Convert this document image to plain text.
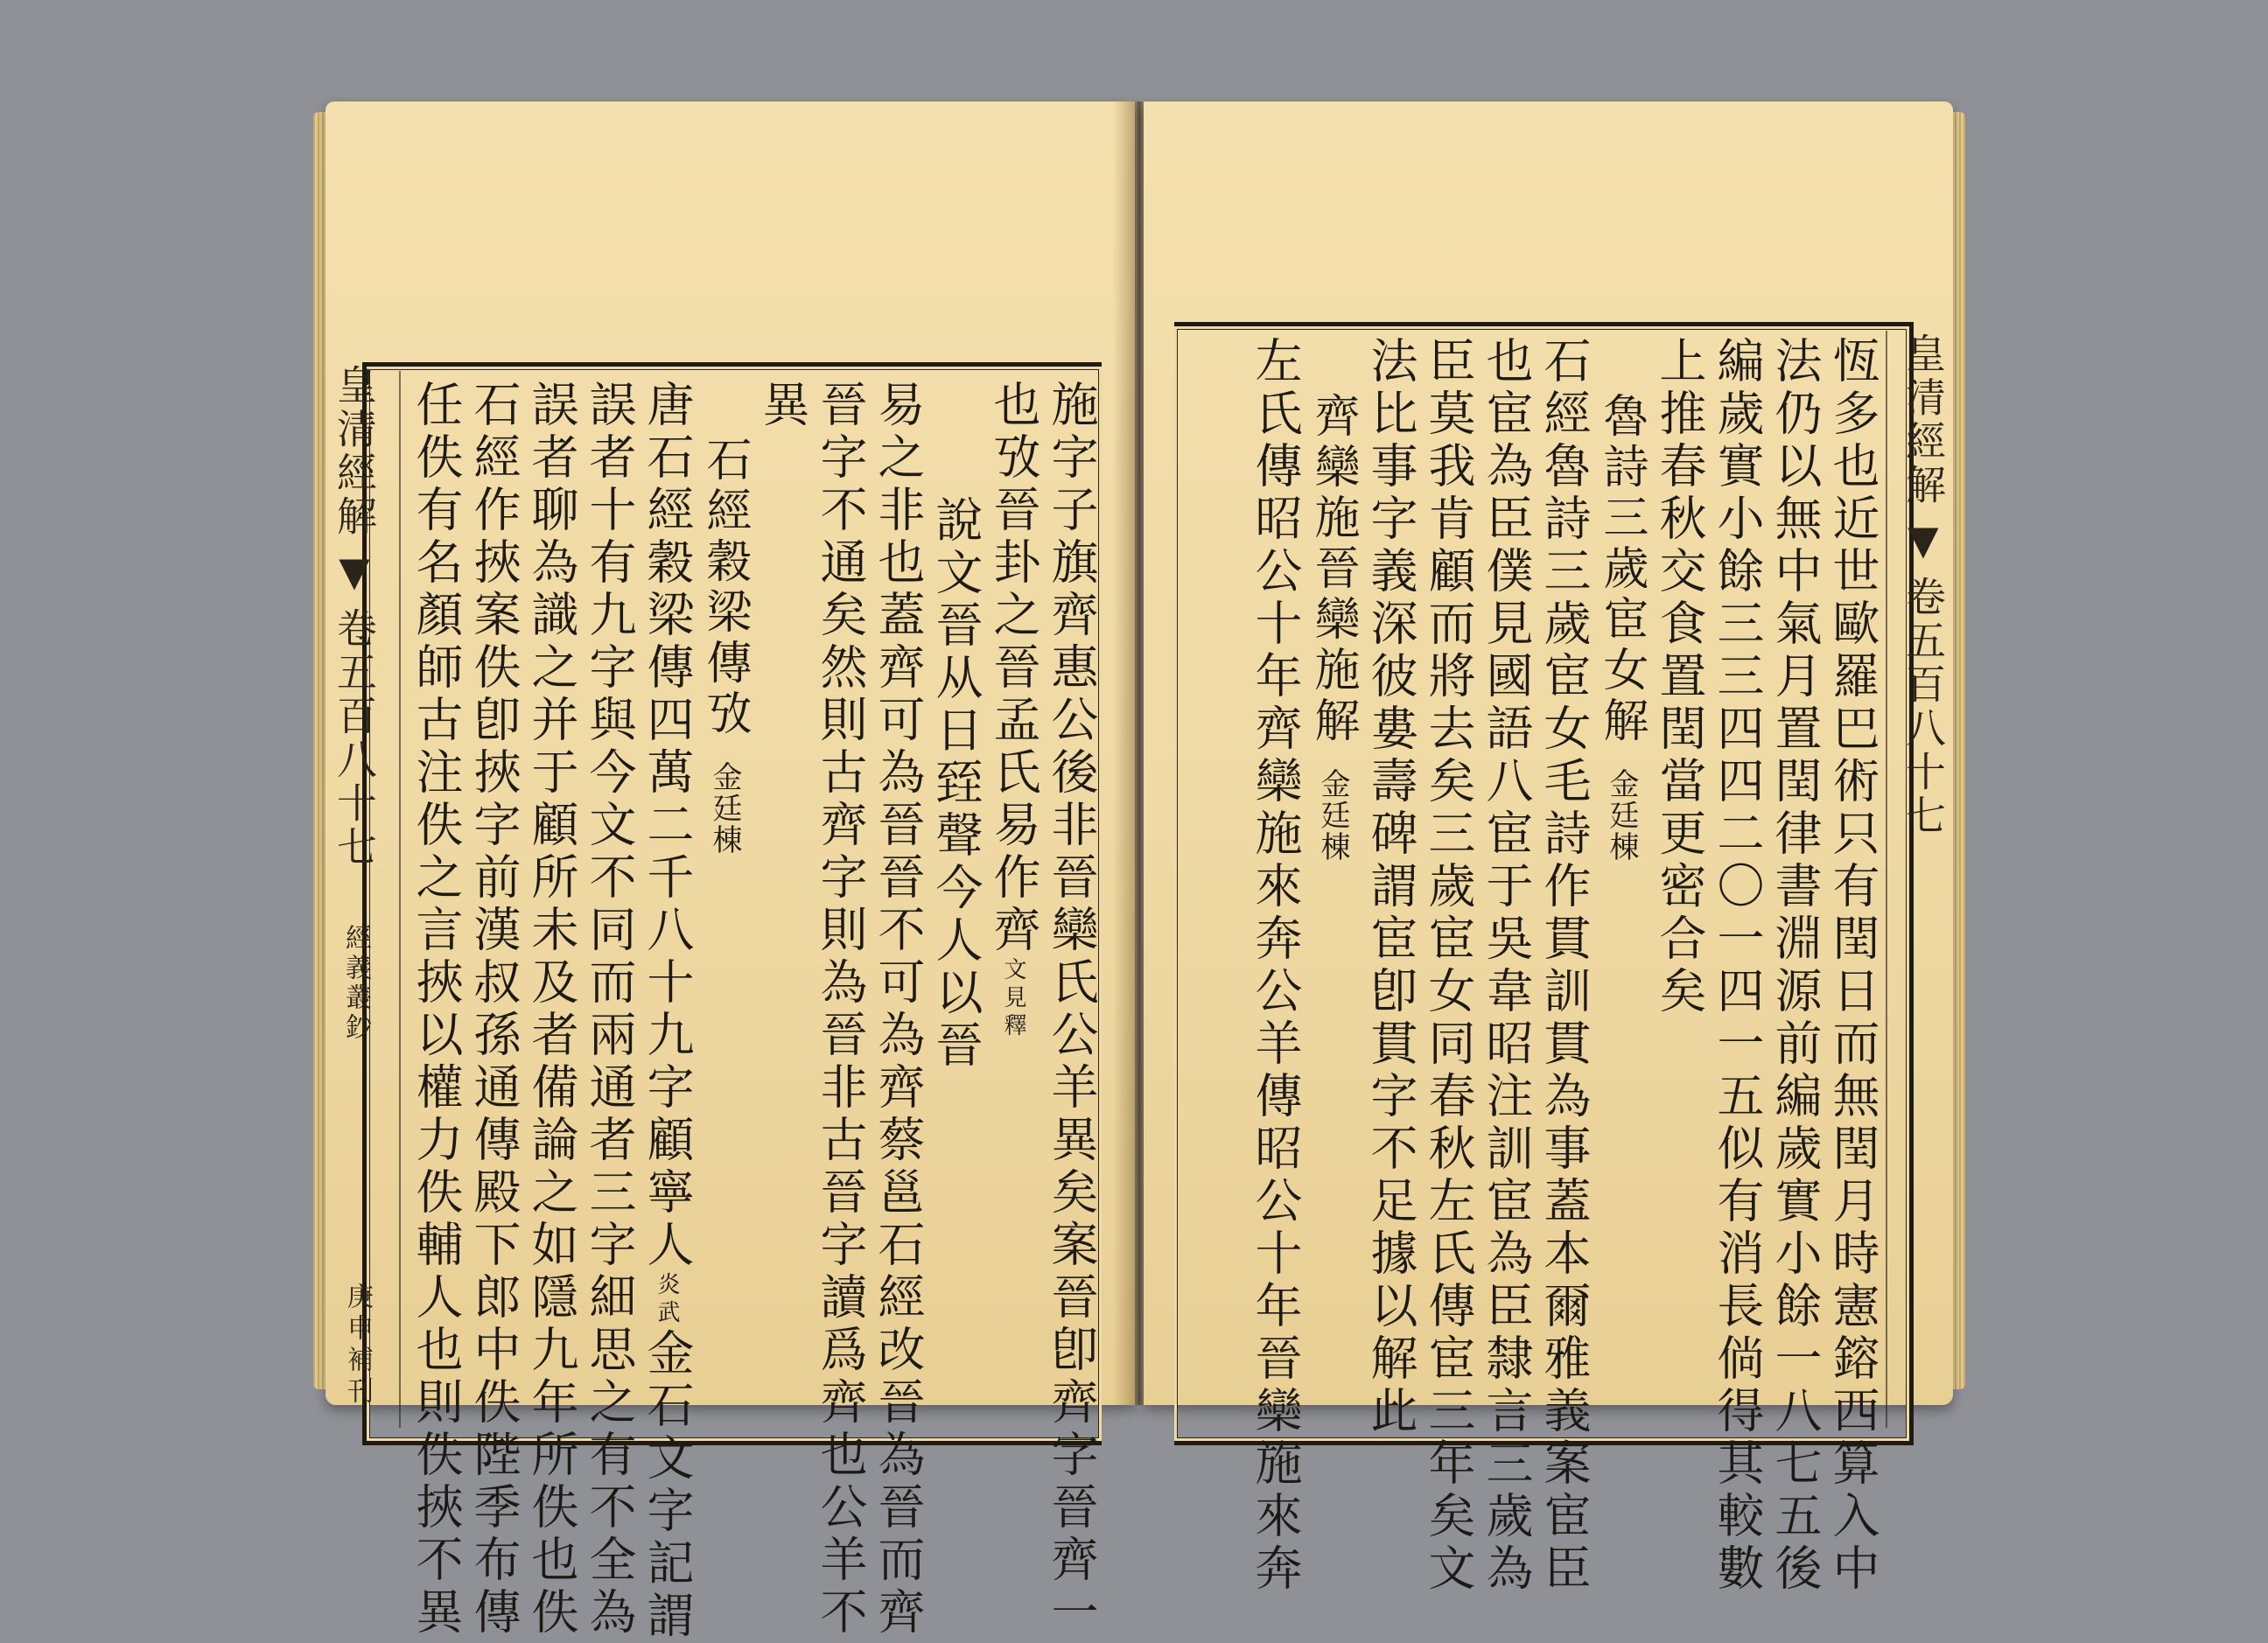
皇清經解▼卷五百八十七
經義叢鈔
庚申補刊	施字子旗齊惠公後非晉欒氏公羊異矣案晉卽齊字晉齊一
也攷晉卦之晉孟氏易作齊文見釋
說文晉从日臸聲今人以晉
易之非也蓋齊可為晉晉不可為齊蔡邕石經改晉為晉而齊
晉字不通矣然則古齊字則為晉非古晉字讀爲齊也公羊不
異
石經穀梁傳攷金廷棟
唐石經穀梁傳四萬二千八十九字顧寧人炎武金石文字記謂
誤者十有九字與今文不同而兩通者三字細思之有不全為
誤者聊為識之并于顧所未及者備論之如隱九年所佚也佚
石經作挾案佚卽挾字前漢叔孫通傳殿下郎中佚陛季布傳
任佚有名顏師古注佚之言挾以權力佚輔人也則佚挾不異	皇清經解▼卷五百八十七
恆多也近世歐羅巴術只有閏日而無閏月時憲鎔西算入中
法仍以無中氣月置閏律書淵源前編歲實小餘一八七五後
編歲實小餘三三四四二〇一四一五似有消長倘得其較數
上推春秋交食置閏當更密合矣
魯詩三歲宦女解金廷棟
石經魯詩三歲宦女毛詩作貫訓貫為事蓋本爾雅義案宦臣
也宦為臣僕見國語八宦于吳韋昭注訓宦為臣隸言三歲為
臣莫我肯顧而將去矣三歲宦女同春秋左氏傳宦三年矣文
法比事字義深彼婁壽碑謂宦卽貫字不足據以解此
齊欒施晉欒施解金廷棟
左氏傳昭公十年齊欒施來奔公羊傳昭公十年晉欒施來奔
